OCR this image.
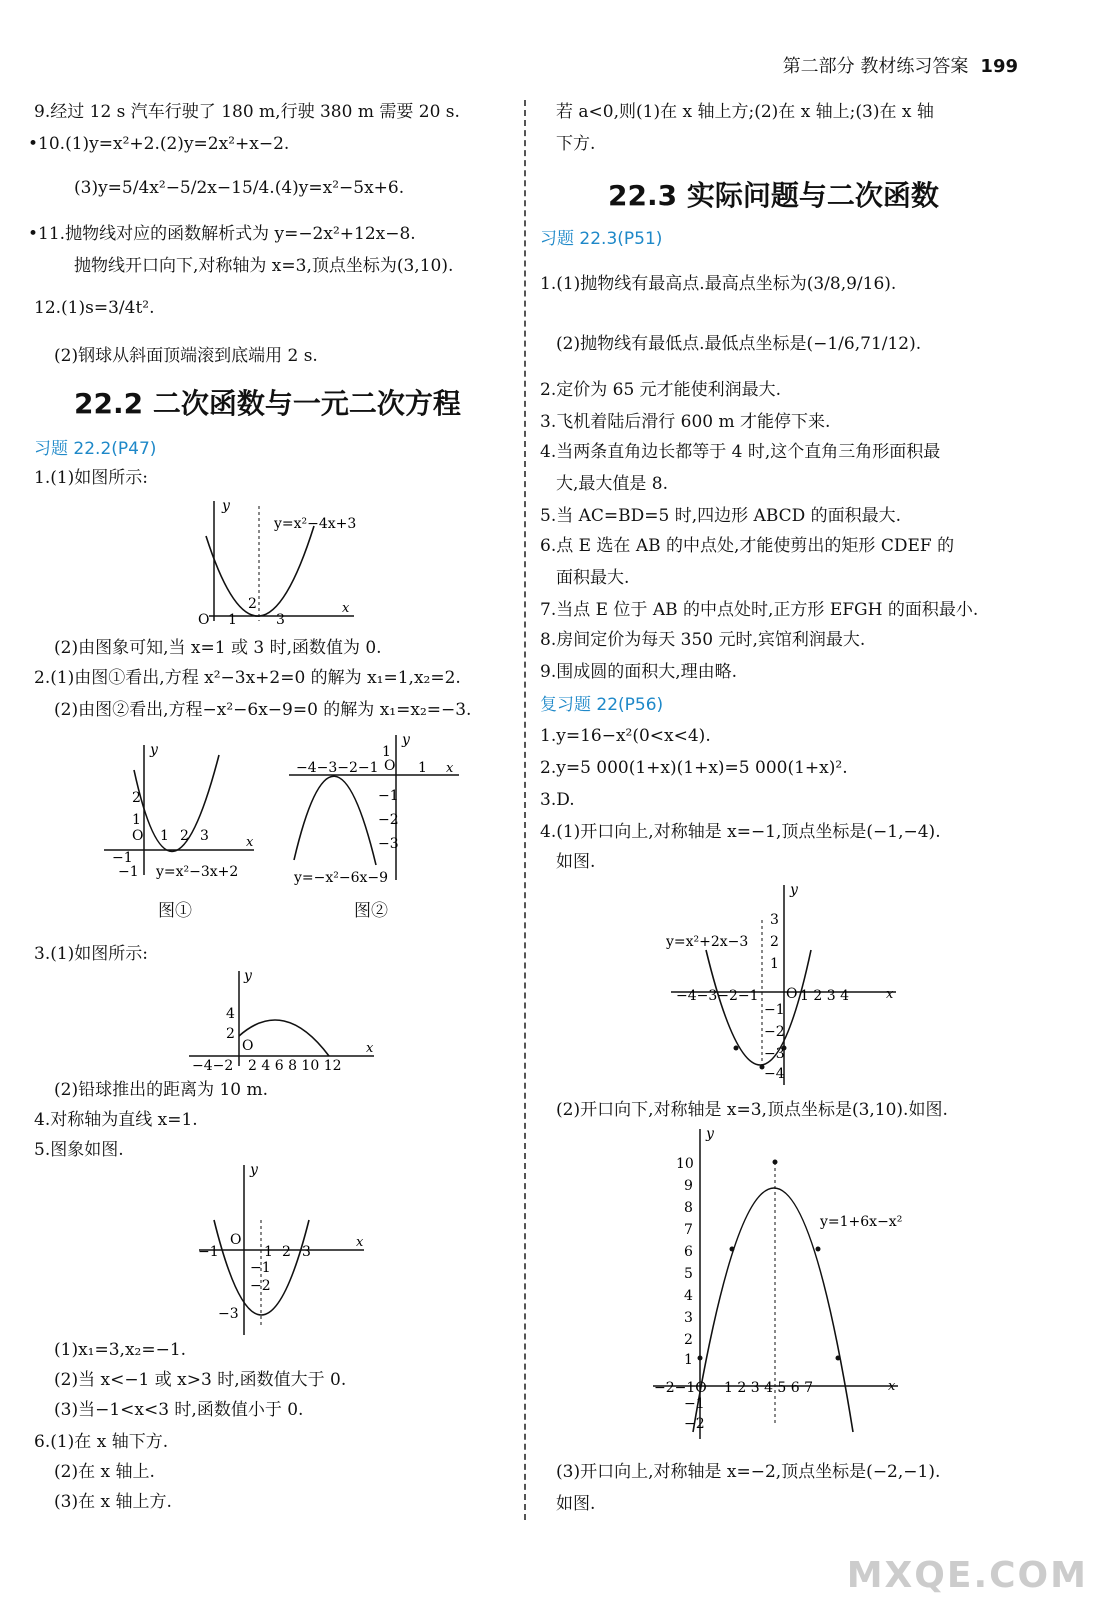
第二部分 教材练习答案 199
9.经过 12 s 汽车行驶了 180 m,行驶 380 m 需要 20 s.
•10.(1)y=x²+2.(2)y=2x²+x−2.
(3)y=5/4x²−5/2x−15/4.(4)y=x²−5x+6.
•11.抛物线对应的函数解析式为 y=−2x²+12x−8.
抛物线开口向下,对称轴为 x=3,顶点坐标为(3,10).
12.(1)s=3/4t².
(2)钢球从斜面顶端滚到底端用 2 s.
22.2 二次函数与一元二次方程
习题 22.2(P47)
1.(1)如图所示:
O 1
2
3
y
x
y=x²−4x+3
(2)由图象可知,当 x=1 或 3 时,函数值为 0.
2.(1)由图①看出,方程 x²−3x+2=0 的解为 x₁=1,x₂=2.
(2)由图②看出,方程−x²−6x−9=0 的解为 x₁=x₂=−3.
y
2
1
O 1 2 3
−1
−1
x
y=x²−3x+2
y
O
1
−4−3−2−1	1 x
−1
−2
−3
y=−x²−6x−9
图①	图②
3.(1)如图所示:
y
4
2
O
−4−2 2 4 6 8 10 12
x
(2)铅球推出的距离为 10 m.
4.对称轴为直线 x=1.
5.图象如图.
y
O
−1	1 2 3
−1
−2
−3
x
(1)x₁=3,x₂=−1.
(2)当 x<−1 或 x>3 时,函数值大于 0.
(3)当−1<x<3 时,函数值小于 0.
6.(1)在 x 轴下方.
(2)在 x 轴上.
(3)在 x 轴上方.
若 a<0,则(1)在 x 轴上方;(2)在 x 轴上;(3)在 x 轴
下方.
22.3 实际问题与二次函数
习题 22.3(P51)
1.(1)抛物线有最高点.最高点坐标为(3/8,9/16).
(2)抛物线有最低点.最低点坐标是(−1/6,71/12).
2.定价为 65 元才能使利润最大.
3.飞机着陆后滑行 600 m 才能停下来.
4.当两条直角边长都等于 4 时,这个直角三角形面积最
大,最大值是 8.
5.当 AC=BD=5 时,四边形 ABCD 的面积最大.
6.点 E 选在 AB 的中点处,才能使剪出的矩形 CDEF 的
面积最大.
7.当点 E 位于 AB 的中点处时,正方形 EFGH 的面积最小.
8.房间定价为每天 350 元时,宾馆利润最大.
9.围成圆的面积大,理由略.
复习题 22(P56)
1.y=16−x²(0<x<4).
2.y=5 000(1+x)(1+x)=5 000(1+x)².
3.D.
4.(1)开口向上,对称轴是 x=−1,顶点坐标是(−1,−4).
如图.
y
3
2
1
O
−4−3−2−1	1 2 3 4	x
−1
−2
−3
−4
y=x²+2x−3
(2)开口向下,对称轴是 x=3,顶点坐标是(3,10).如图.
y
10
9
8
7
6
5
4
3
2
1
−2−1O 1 2 3 4 5 6 7	x
−1
−2
y=1+6x−x²
(3)开口向上,对称轴是 x=−2,顶点坐标是(−2,−1).
如图.
MXQE.COM
